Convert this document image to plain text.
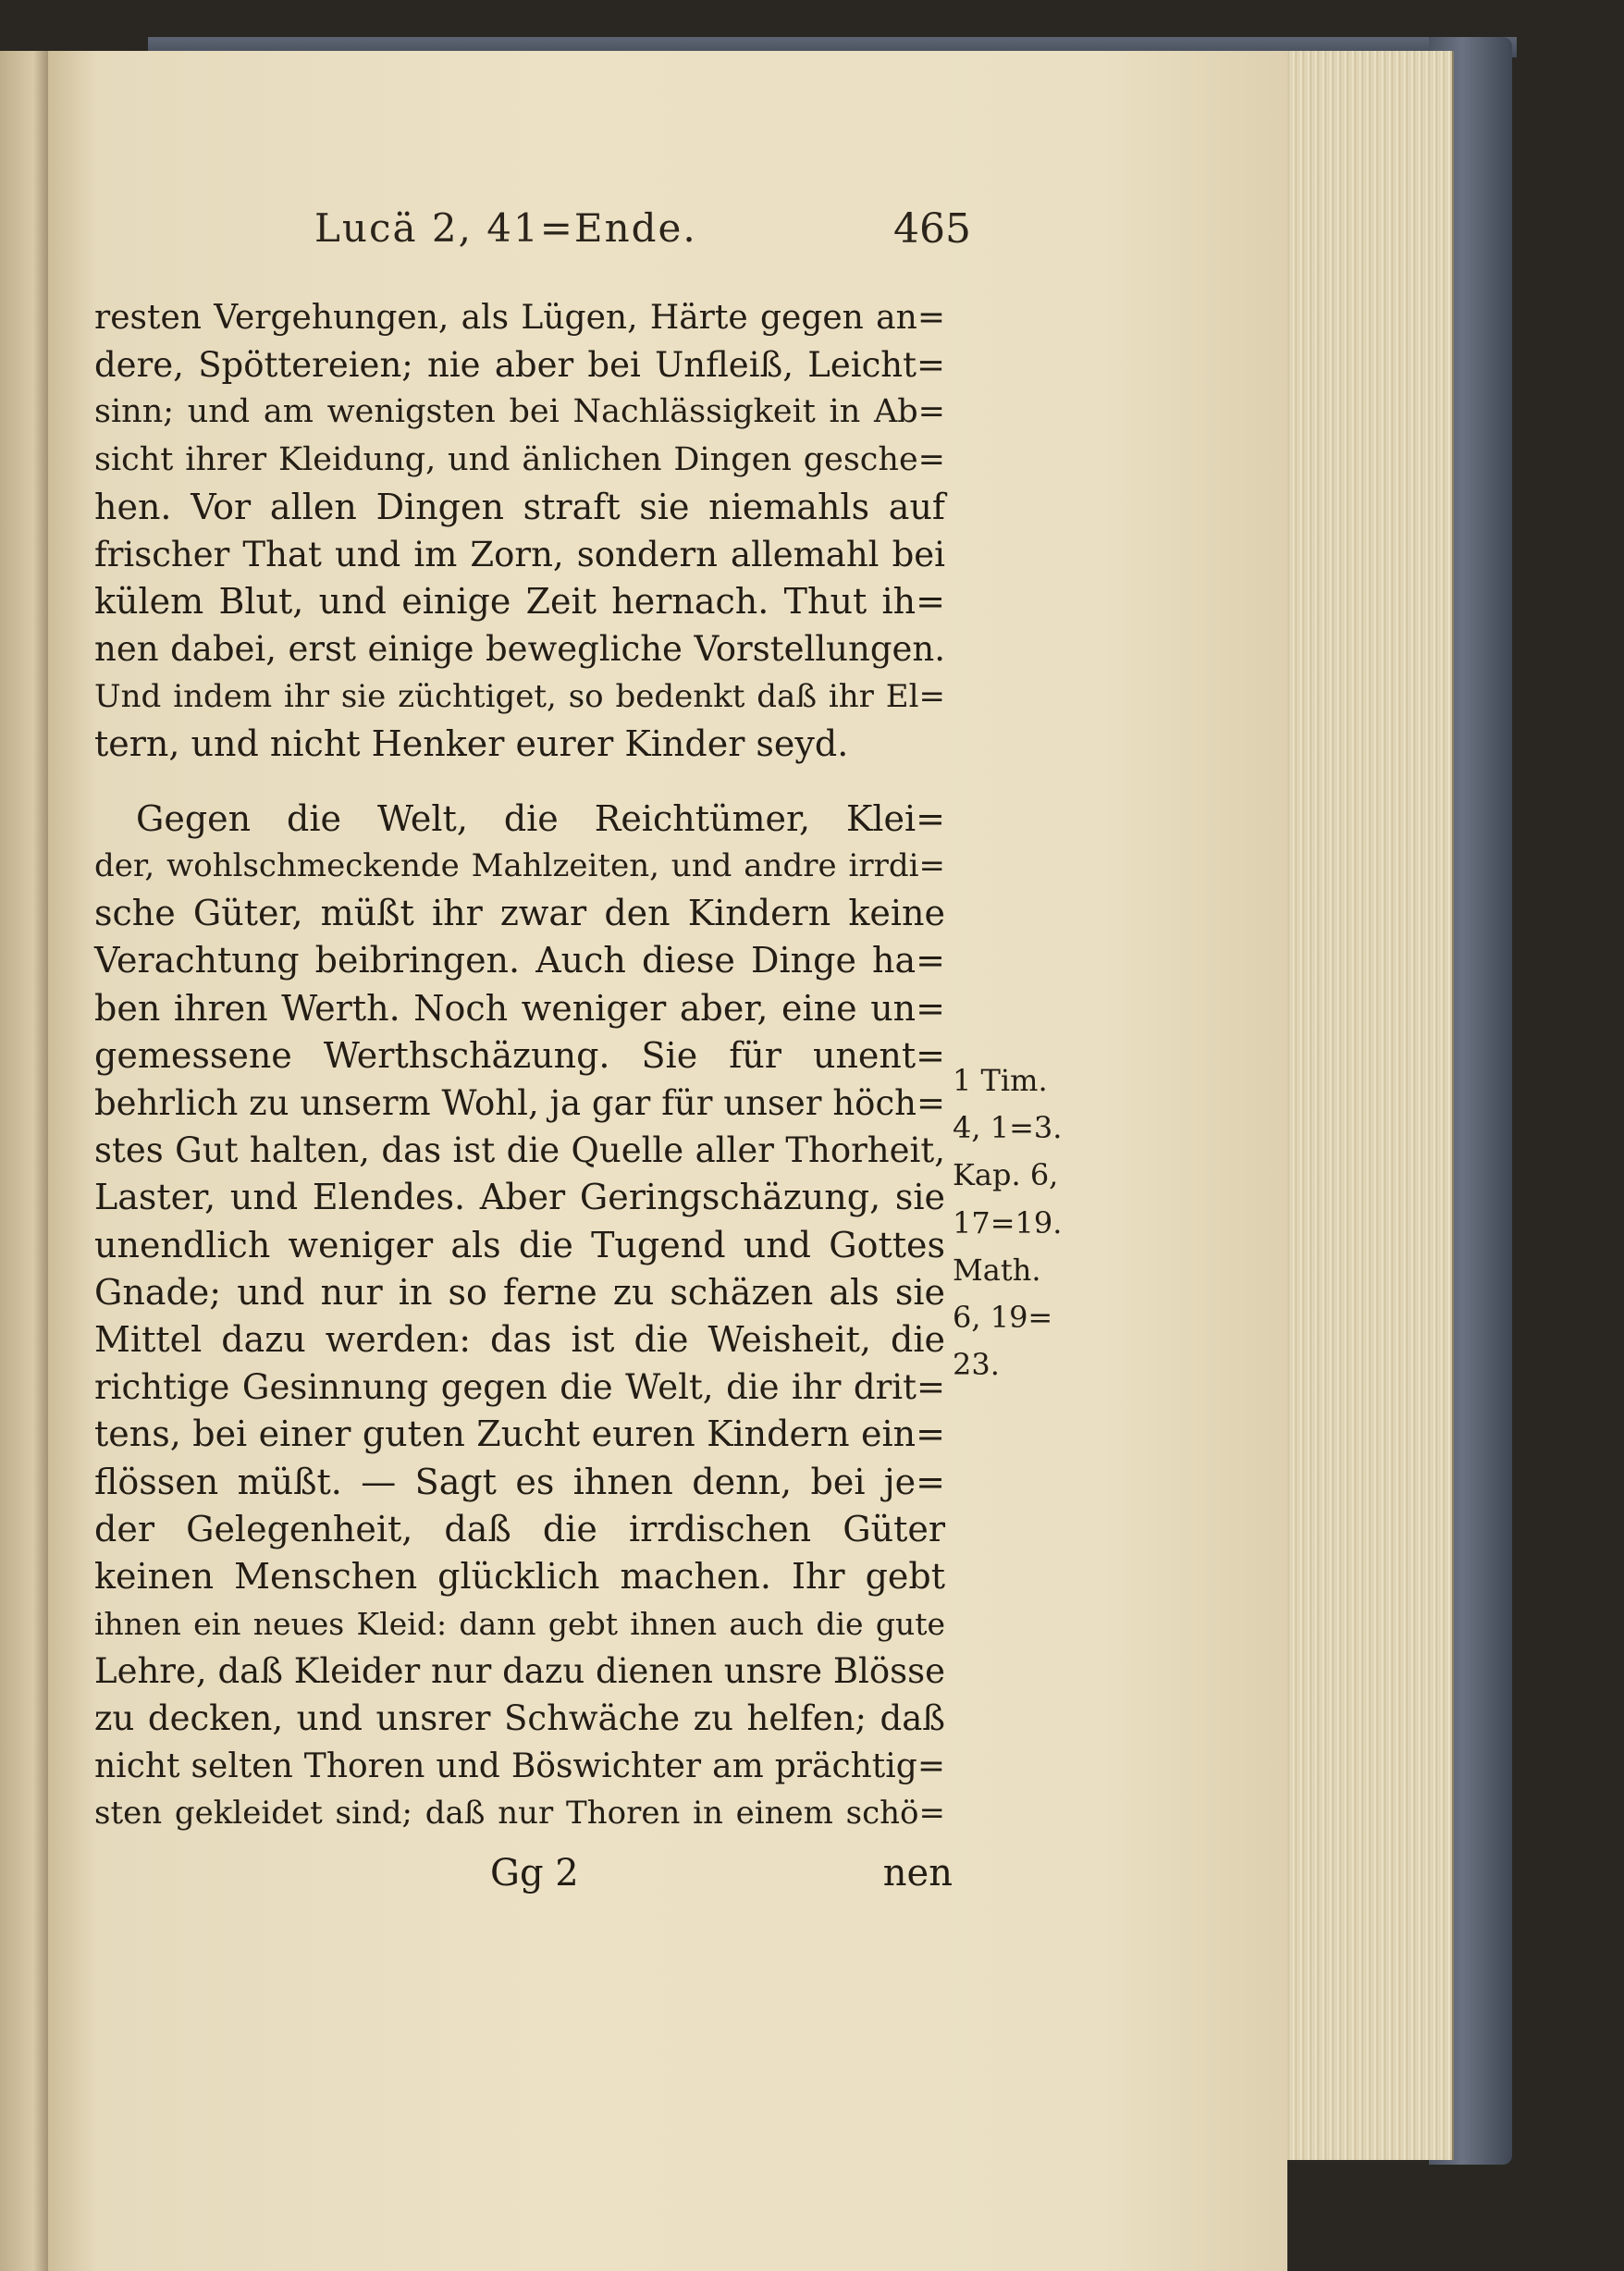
Lucä 2, 41=Ende.	465
resten Vergehungen, als Lügen, Härte gegen an=
dere, Spöttereien; nie aber bei Unfleiß, Leicht=
sinn; und am wenigsten bei Nachlässigkeit in Ab=
sicht ihrer Kleidung, und änlichen Dingen gesche=
hen. Vor allen Dingen straft sie niemahls auf
frischer That und im Zorn, sondern allemahl bei
külem Blut, und einige Zeit hernach. Thut ih=
nen dabei, erst einige bewegliche Vorstellungen.
Und indem ihr sie züchtiget, so bedenkt daß ihr El=
tern, und nicht Henker eurer Kinder seyd.
Gegen die Welt, die Reichtümer, Klei=
der, wohlschmeckende Mahlzeiten, und andre irrdi=
sche Güter, müßt ihr zwar den Kindern keine
Verachtung beibringen. Auch diese Dinge ha=
ben ihren Werth. Noch weniger aber, eine un=
gemessene Werthschäzung. Sie für unent=
behrlich zu unserm Wohl, ja gar für unser höch=
stes Gut halten, das ist die Quelle aller Thorheit,
Laster, und Elendes. Aber Geringschäzung, sie
unendlich weniger als die Tugend und Gottes
Gnade; und nur in so ferne zu schäzen als sie
Mittel dazu werden: das ist die Weisheit, die
richtige Gesinnung gegen die Welt, die ihr drit=
tens, bei einer guten Zucht euren Kindern ein=
flössen müßt. — Sagt es ihnen denn, bei je=
der Gelegenheit, daß die irrdischen Güter
keinen Menschen glücklich machen. Ihr gebt
ihnen ein neues Kleid: dann gebt ihnen auch die gute
Lehre, daß Kleider nur dazu dienen unsre Blösse
zu decken, und unsrer Schwäche zu helfen; daß
nicht selten Thoren und Böswichter am prächtig=
sten gekleidet sind; daß nur Thoren in einem schö=
1 Tim.
4, 1=3.
Kap. 6,
17=19.
Math.
6, 19=
23.
Gg 2	nen
